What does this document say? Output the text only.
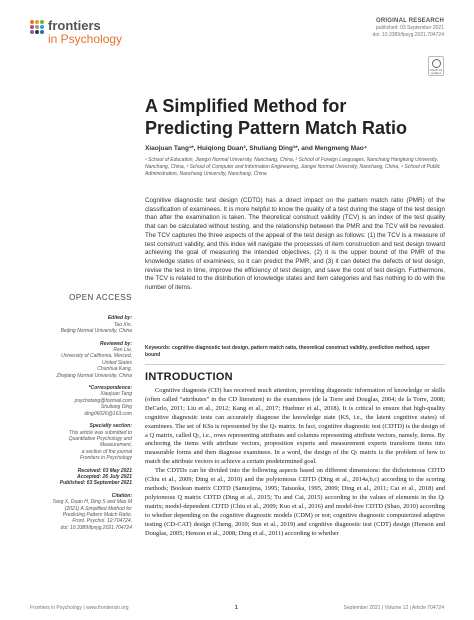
frontiers
in Psychology
ORIGINAL RESEARCH
published: 03 September 2021
doi: 10.3389/fpsyg.2021.704724
Check for updates
A Simplified Method for Predicting Pattern Match Ratio
Xiaojuan Tang¹*, Huiqiong Duan², Shuliang Ding³*, and Mengmeng Mao⁴
¹ School of Education, Jiangxi Normal University, Nanchang, China, ² School of Foreign Languages, Nanchang Hangkong University, Nanchang, China, ³ School of Computer and Information Engineering, Jiangxi Normal University, Nanchang, China, ⁴ School of Public Administration, Nanchang University, Nanchang, China
Cognitive diagnostic test design (CDTD) has a direct impact on the pattern match ratio (PMR) of the classification of examinees. It is more helpful to know the quality of a test during the stage of the test design than after the examination is taken. The theoretical construct validity (TCV) is an index of the test quality that can be calculated without testing, and the relationship between the PMR and the TCV will be revealed. The TCV captures the three aspects of the appeal of the test design as follows: (1) the TCV is a measure of test construct validity, and this index will navigate the processes of item construction and test design toward achieving the goal of measuring the intended objectives, (2) it is the upper bound of the PMR of the knowledge states of examinees, so it can predict the PMR, and (3) it can detect the defects of test design, revise the test in time, improve the efficiency of test design, and save the cost of test design. Furthermore, the TCV is related to the distribution of knowledge states and item categories and has nothing to do with the number of items.
Keywords: cognitive diagnostic test design, pattern match ratio, theoretical construct validity, prediction method, upper bound
INTRODUCTION

Cognitive diagnosis (CD) has received much attention, providing diagnostic information of knowledge or skills (often called “attributes” in the CD literature) to the examinees (de la Torre and Douglas, 2004; de la Torre, 2008; DeCarlo, 2011; Liu et al., 2012; Kang et al., 2017; Huebner et al., 2018). It is critical to ensure that high-quality cognitive diagnostic tests can accurately diagnose the knowledge state (KS, i.e., the latent cognitive states) of examinees. The set of KSs is represented by the Qₛ matrix. In fact, cognitive diagnostic test (CDTD) is the design of a Q matrix, called Qₜ, i.e., rows representing attributes and columns representing attribute vectors, namely, items. By anchoring the items with attribute vectors, proposition experts and measurement experts transform items into measurable forms and then diagnose examinees. In a word, the design of the Qₜ matrix is the problem of how to match the attribute vectors to achieve a certain predetermined goal.

The CDTDs can be divided into the following aspects based on different dimensions: the dichotomous CDTD (Chiu et al., 2009; Ding et al., 2010) and the polytomous CDTD (Ding et al., 2014a,b,c) according to the scoring methods; Boolean matrix CDTD (Samejima, 1995; Tatsuoka, 1995, 2009; Ding et al., 2011; Cai et al., 2018) and polytomous Q matrix CDTD (Ding et al., 2015; Tu and Cai, 2015) according to the values of elements in the Qₜ matrix; model-dependent CDTD (Chiu et al., 2009; Kuo et al., 2016) and model-free CDTD (Shao, 2010) according to whether depending on the cognitive diagnostic models (CDM) or not; cognitive diagnostic computerized adaptive testing (CD-CAT) design (Cheng, 2010; Sun et al., 2019) and cognitive diagnostic test (CDT) design (Henson and Douglas, 2005; Henson et al., 2008; Ding et al., 2011) according to whether

OPEN ACCESS
Edited by:
Tao Xin,
Beijing Normal University, China
Reviewed by:
Ren Liu,
University of California, Merced,
United States
Chunhua Kang,
Zhejiang Normal University, China
*Correspondence:
Xiaojuan Tang
psychotang@foxmail.com
Shuliang Ding
ding06026@163.com
Specialty section:
This article was submitted to
Quantitative Psychology and
Measurement,
a section of the journal
Frontiers in Psychology
Received: 03 May 2021
Accepted: 26 July 2021
Published: 03 September 2021
Citation:
Tang X, Duan H, Ding S and Mao M
(2021) A Simplified Method for
Predicting Pattern Match Ratio.
Front. Psychol. 12:704724.
doi: 10.3389/fpsyg.2021.704724
Frontiers in Psychology | www.frontiersin.org	1	September 2021 | Volume 12 | Article 704724
